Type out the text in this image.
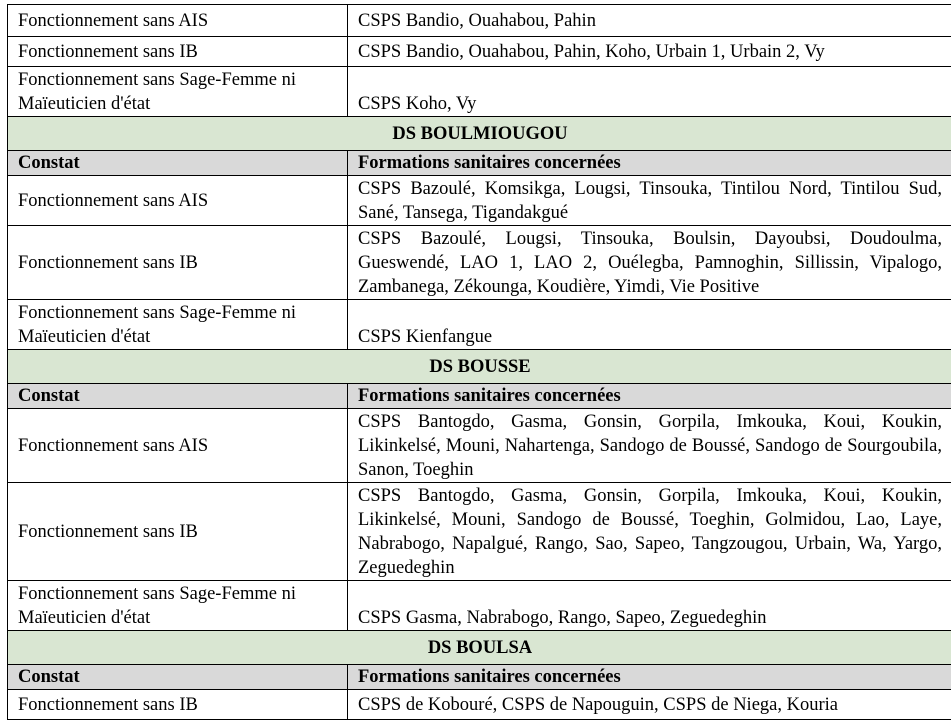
Fonctionnement sans AIS	CSPS Bandio, Ouahabou, Pahin
Fonctionnement sans IB	CSPS Bandio, Ouahabou, Pahin, Koho, Urbain 1, Urbain 2, Vy
Fonctionnement sans Sage-Femme ni Maïeuticien d'état	CSPS Koho, Vy
DS BOULMIOUGOU	
Constat	Formations sanitaires concernées
Fonctionnement sans AIS	CSPS Bazoulé, Komsikga, Lougsi, Tinsouka, Tintilou Nord, Tintilou Sud, Sané, Tansega, Tigandakgué
Fonctionnement sans IB	CSPS Bazoulé, Lougsi, Tinsouka, Boulsin, Dayoubsi, Doudoulma, Gueswendé, LAO 1, LAO 2, Ouélegba, Pamnoghin, Sillissin, Vipalogo, Zambanega, Zékounga, Koudière, Yimdi, Vie Positive
Fonctionnement sans Sage-Femme ni Maïeuticien d'état	CSPS Kienfangue
DS BOUSSE	
Constat	Formations sanitaires concernées
Fonctionnement sans AIS	CSPS Bantogdo, Gasma, Gonsin, Gorpila, Imkouka, Koui, Koukin, Likinkelsé, Mouni, Nahartenga, Sandogo de Boussé, Sandogo de Sourgoubila, Sanon, Toeghin
Fonctionnement sans IB	CSPS Bantogdo, Gasma, Gonsin, Gorpila, Imkouka, Koui, Koukin, Likinkelsé, Mouni, Sandogo de Boussé, Toeghin, Golmidou, Lao, Laye, Nabrabogo, Napalgué, Rango, Sao, Sapeo, Tangzougou, Urbain, Wa, Yargo, Zeguedeghin
Fonctionnement sans Sage-Femme ni Maïeuticien d'état	CSPS Gasma, Nabrabogo, Rango, Sapeo, Zeguedeghin
DS BOULSA	
Constat	Formations sanitaires concernées
Fonctionnement sans IB	CSPS de Kobouré, CSPS de Napouguin, CSPS de Niega, Kouria
